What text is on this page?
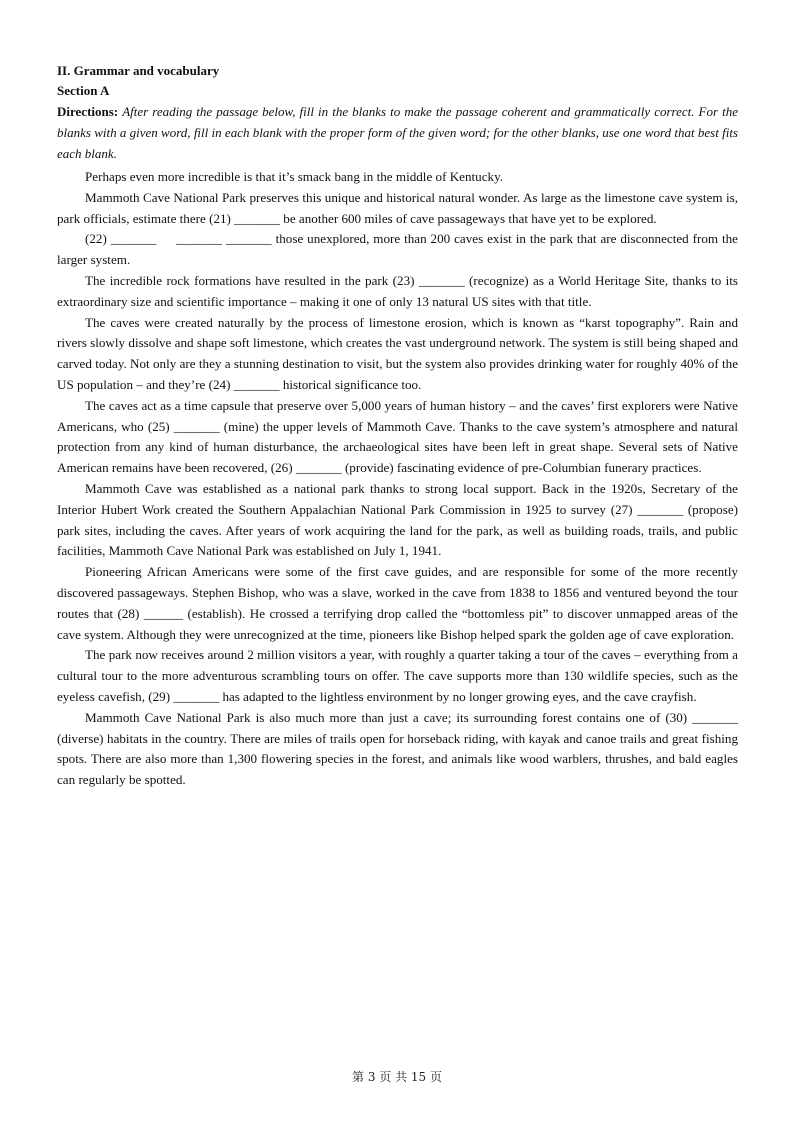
II. Grammar and vocabulary

Section A

Directions: After reading the passage below, fill in the blanks to make the passage coherent and grammatically correct. For the blanks with a given word, fill in each blank with the proper form of the given word; for the other blanks, use one word that best fits each blank.

Perhaps even more incredible is that it’s smack bang in the middle of Kentucky.

Mammoth Cave National Park preserves this unique and historical natural wonder. As large as the limestone cave system is, park officials, estimate there (21) _______ be another 600 miles of cave passageways that have yet to be explored.

(22) _______     _______ _______ those unexplored, more than 200 caves exist in the park that are disconnected from the larger system.

The incredible rock formations have resulted in the park (23) _______ (recognize) as a World Heritage Site, thanks to its extraordinary size and scientific importance – making it one of only 13 natural US sites with that title.

The caves were created naturally by the process of limestone erosion, which is known as “karst topography”. Rain and rivers slowly dissolve and shape soft limestone, which creates the vast underground network. The system is still being shaped and carved today. Not only are they a stunning destination to visit, but the system also provides drinking water for roughly 40% of the US population – and they’re (24) _______ historical significance too.

The caves act as a time capsule that preserve over 5,000 years of human history – and the caves’ first explorers were Native Americans, who (25) _______ (mine) the upper levels of Mammoth Cave. Thanks to the cave system’s atmosphere and natural protection from any kind of human disturbance, the archaeological sites have been left in great shape. Several sets of Native American remains have been recovered, (26) _______ (provide) fascinating evidence of pre-Columbian funerary practices.

Mammoth Cave was established as a national park thanks to strong local support. Back in the 1920s, Secretary of the Interior Hubert Work created the Southern Appalachian National Park Commission in 1925 to survey (27) _______ (propose) park sites, including the caves. After years of work acquiring the land for the park, as well as building roads, trails, and public facilities, Mammoth Cave National Park was established on July 1, 1941.

Pioneering African Americans were some of the first cave guides, and are responsible for some of the more recently discovered passageways. Stephen Bishop, who was a slave, worked in the cave from 1838 to 1856 and ventured beyond the tour routes that (28) ______ (establish). He crossed a terrifying drop called the “bottomless pit” to discover unmapped areas of the cave system. Although they were unrecognized at the time, pioneers like Bishop helped spark the golden age of cave exploration.

The park now receives around 2 million visitors a year, with roughly a quarter taking a tour of the caves – everything from a cultural tour to the more adventurous scrambling tours on offer. The cave supports more than 130 wildlife species, such as the eyeless cavefish, (29) _______ has adapted to the lightless environment by no longer growing eyes, and the cave crayfish.

Mammoth Cave National Park is also much more than just a cave; its surrounding forest contains one of (30) _______ (diverse) habitats in the country. There are miles of trails open for horseback riding, with kayak and canoe trails and great fishing spots. There are also more than 1,300 flowering species in the forest, and animals like wood warblers, thrushes, and bald eagles can regularly be spotted.

第 3 页 共 15 页
